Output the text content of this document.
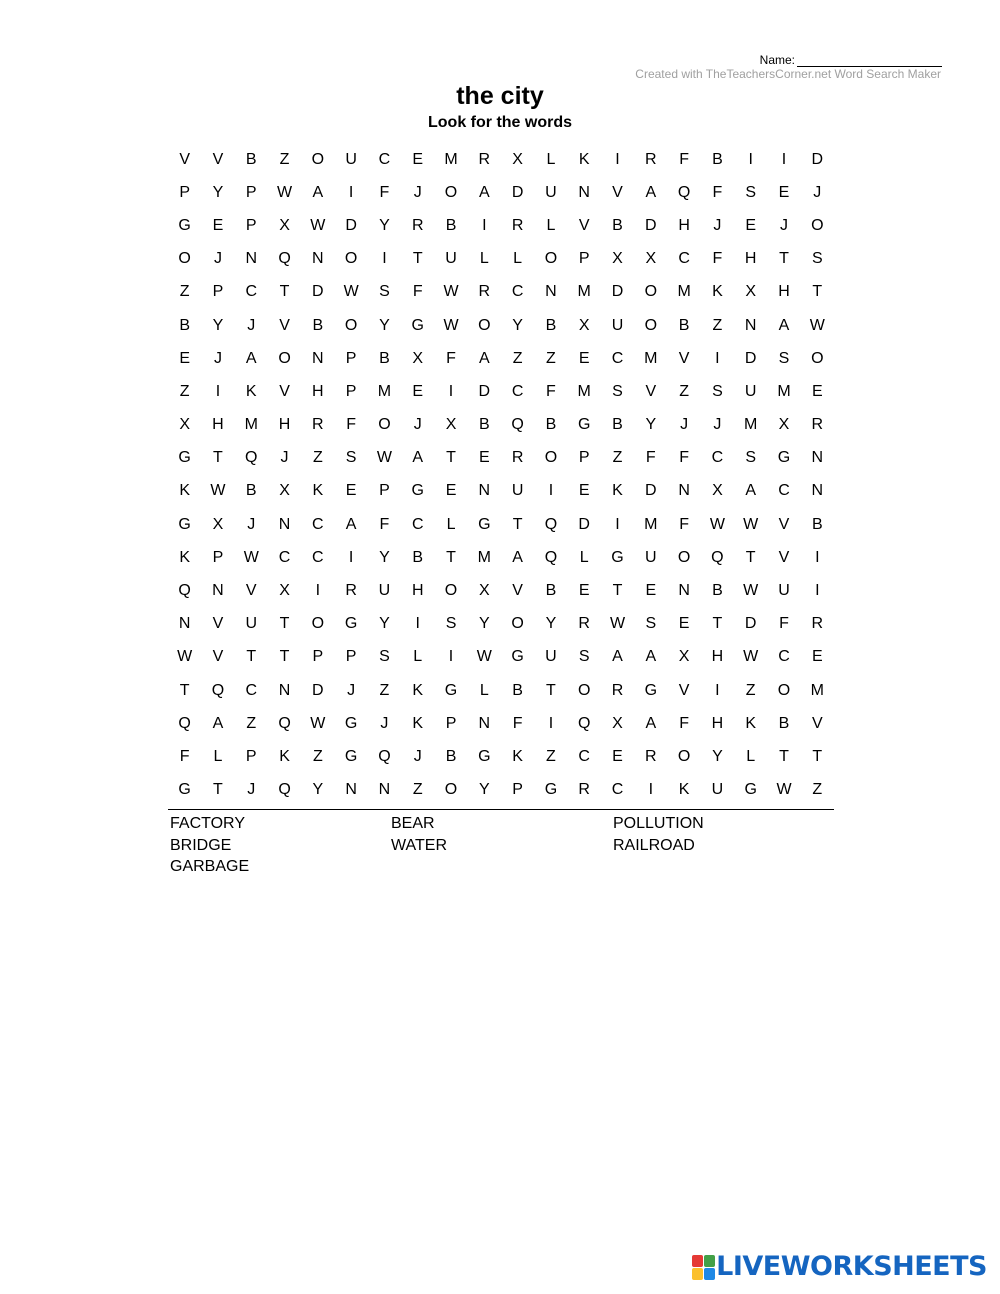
Name:
Created with TheTeachersCorner.net Word Search Maker
the city
Look for the words
V	V	B	Z	O	U	C	E	M	R	X	L	K	I	R	F	B	I	I	D
P	Y	P	W	A	I	F	J	O	A	D	U	N	V	A	Q	F	S	E	J
G	E	P	X	W	D	Y	R	B	I	R	L	V	B	D	H	J	E	J	O
O	J	N	Q	N	O	I	T	U	L	L	O	P	X	X	C	F	H	T	S
Z	P	C	T	D	W	S	F	W	R	C	N	M	D	O	M	K	X	H	T
B	Y	J	V	B	O	Y	G	W	O	Y	B	X	U	O	B	Z	N	A	W
E	J	A	O	N	P	B	X	F	A	Z	Z	E	C	M	V	I	D	S	O
Z	I	K	V	H	P	M	E	I	D	C	F	M	S	V	Z	S	U	M	E
X	H	M	H	R	F	O	J	X	B	Q	B	G	B	Y	J	J	M	X	R
G	T	Q	J	Z	S	W	A	T	E	R	O	P	Z	F	F	C	S	G	N
K	W	B	X	K	E	P	G	E	N	U	I	E	K	D	N	X	A	C	N
G	X	J	N	C	A	F	C	L	G	T	Q	D	I	M	F	W	W	V	B
K	P	W	C	C	I	Y	B	T	M	A	Q	L	G	U	O	Q	T	V	I
Q	N	V	X	I	R	U	H	O	X	V	B	E	T	E	N	B	W	U	I
N	V	U	T	O	G	Y	I	S	Y	O	Y	R	W	S	E	T	D	F	R
W	V	T	T	P	P	S	L	I	W	G	U	S	A	A	X	H	W	C	E
T	Q	C	N	D	J	Z	K	G	L	B	T	O	R	G	V	I	Z	O	M
Q	A	Z	Q	W	G	J	K	P	N	F	I	Q	X	A	F	H	K	B	V
F	L	P	K	Z	G	Q	J	B	G	K	Z	C	E	R	O	Y	L	T	T
G	T	J	Q	Y	N	N	Z	O	Y	P	G	R	C	I	K	U	G	W	Z
FACTORY	BEAR	POLLUTION
BRIDGE	WATER	RAILROAD
GARBAGE
LIVEWORKSHEETS
